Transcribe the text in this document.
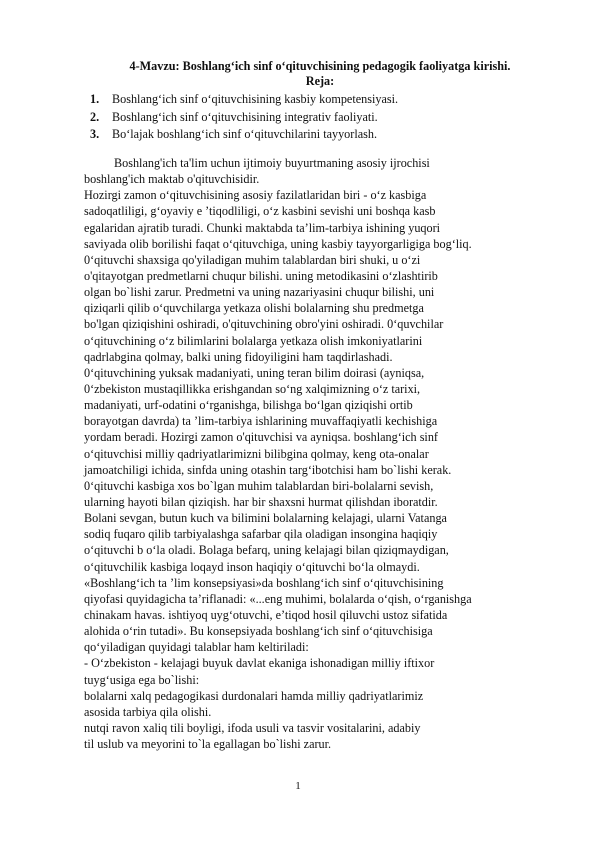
4-Mavzu: Boshlang‘ich sinf o‘qituvchisining pedagogik faoliyatga kirishi.
Reja:
1. Boshlang‘ich sinf o‘qituvchisining kasbiy kompetensiyasi.
2. Boshlang‘ich sinf o‘qituvchisining integrativ faoliyati.
3. Bo‘lajak boshlang‘ich sinf o‘qituvchilarini tayyorlash.
Boshlang'ich ta'lim uchun ijtimoiy buyurtmaning asosiy ijrochisi
boshlang'ich maktab o'qituvchisidir.
Hozirgi zamon o‘qituvchisining asosiy fazilatlaridan biri - o‘z kasbiga
sadoqatliligi, g‘oyaviy e ’tiqodliligi, o‘z kasbini sevishi uni boshqa kasb
egalaridan ajratib turadi. Chunki maktabda ta’lim-tarbiya ishining yuqori
saviyada olib borilishi faqat o‘qituvchiga, uning kasbiy tayyorgarligiga bog‘liq.
0‘qituvchi shaxsiga qo'yiladigan muhim talablardan biri shuki, u o‘zi
o'qitayotgan predmetlarni chuqur bilishi. uning metodikasini o‘zlashtirib
olgan bo`lishi zarur. Predmetni va uning nazariyasini chuqur bilishi, uni
qiziqarli qilib o‘quvchilarga yetkaza olishi bolalarning shu predmetga
bo'lgan qiziqishini oshiradi, o'qituvchining obro'yini oshiradi. 0‘quvchilar
o‘qituvchining o‘z bilimlarini bolalarga yetkaza olish imkoniyatlarini
qadrlabgina qolmay, balki uning fidoyiligini ham taqdirlashadi.
0‘qituvchining yuksak madaniyati, uning teran bilim doirasi (ayniqsa,
0‘zbekiston mustaqillikka erishgandan so‘ng xalqimizning o‘z tarixi,
madaniyati, urf-odatini o‘rganishga, bilishga bo‘lgan qiziqishi ortib
borayotgan davrda) ta ’lim-tarbiya ishlarining muvaffaqiyatli kechishiga
yordam beradi. Hozirgi zamon o'qituvchisi va ayniqsa. boshlang‘ich sinf
o‘qituvchisi milliy qadriyatlarimizni bilibgina qolmay, keng ota-onalar
jamoatchiligi ichida, sinfda uning otashin targ‘ibotchisi ham bo`lishi kerak.
0‘qituvchi kasbiga xos bo`lgan muhim talablardan biri-bolalarni sevish,
ularning hayoti bilan qiziqish. har bir shaxsni hurmat qilishdan iboratdir.
Bolani sevgan, butun kuch va bilimini bolalarning kelajagi, ularni Vatanga
sodiq fuqaro qilib tarbiyalashga safarbar qila oladigan insongina haqiqiy
o‘qituvchi b o‘la oladi. Bolaga befarq, uning kelajagi bilan qiziqmaydigan,
o‘qituvchilik kasbiga loqayd inson haqiqiy o‘qituvchi bo‘la olmaydi.
«Boshlang‘ich ta ’lim konsepsiyasi»da boshlang‘ich sinf o‘qituvchisining
qiyofasi quyidagicha ta’riflanadi: «...eng muhimi, bolalarda o‘qish, o‘rganishga
chinakam havas. ishtiyoq uyg‘otuvchi, e’tiqod hosil qiluvchi ustoz sifatida
alohida o‘rin tutadi». Bu konsepsiyada boshlang‘ich sinf o‘qituvchisiga
qo‘yiladigan quyidagi talablar ham keltiriladi:
- O‘zbekiston - kelajagi buyuk davlat ekaniga ishonadigan milliy iftixor
tuyg‘usiga ega bo`lishi:
bolalarni xalq pedagogikasi durdonalari hamda milliy qadriyatlarimiz
asosida tarbiya qila olishi.
nutqi ravon xaliq tili boyligi, ifoda usuli va tasvir vositalarini, adabiy
til uslub va meyorini to`la egallagan bo`lishi zarur.
1
